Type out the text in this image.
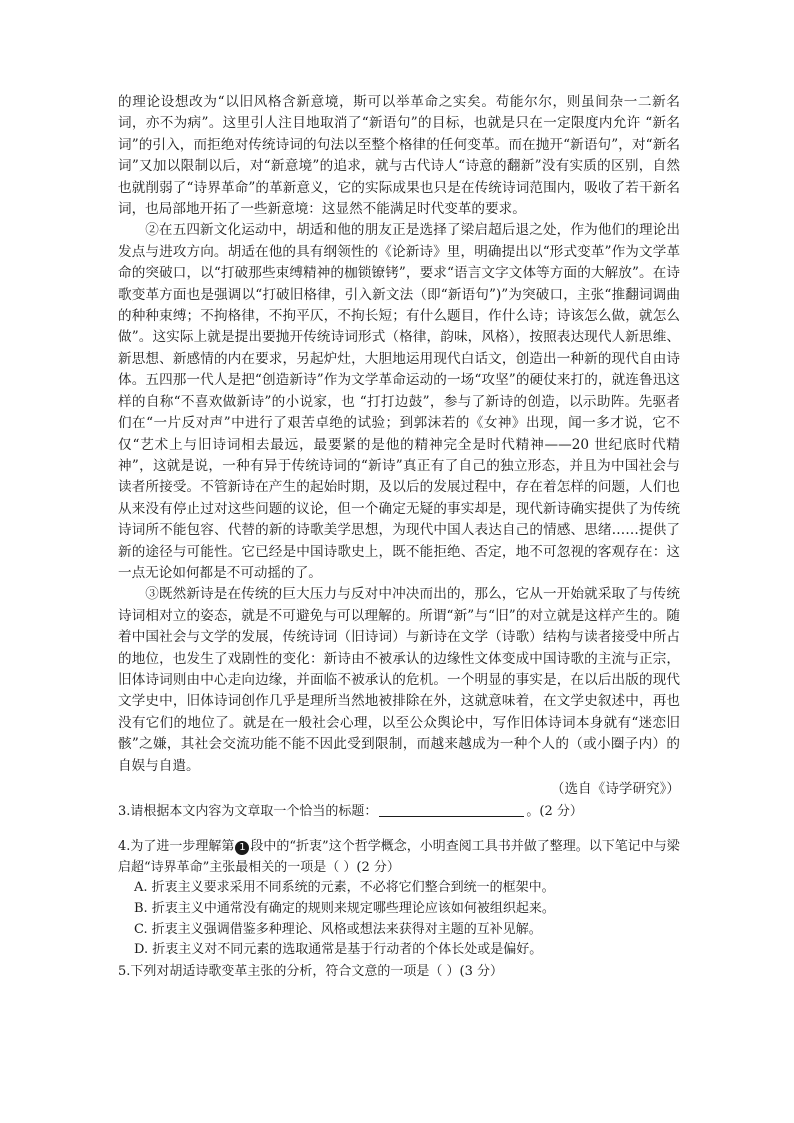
的理论设想改为“以旧风格含新意境，斯可以举革命之实矣。苟能尔尔，则虽间杂一二新名词，亦不为病”。这里引人注目地取消了“新语句”的目标，也就是只在一定限度内允许 “新名词”的引入，而拒绝对传统诗词的句法以至整个格律的任何变革。而在抛开“新语句”，对“新名词”又加以限制以后，对“新意境”的追求，就与古代诗人“诗意的翻新”没有实质的区别，自然也就削弱了“诗界革命”的革新意义，它的实际成果也只是在传统诗词范围内，吸收了若干新名词，也局部地开拓了一些新意境：这显然不能满足时代变革的要求。

②在五四新文化运动中，胡适和他的朋友正是选择了梁启超后退之处，作为他们的理论出发点与进攻方向。胡适在他的具有纲领性的《论新诗》里，明确提出以“形式变革”作为文学革命的突破口，以“打破那些束缚精神的枷锁镣铐”，要求“语言文字文体等方面的大解放”。在诗歌变革方面也是强调以“打破旧格律，引入新文法（即“新语句”)”为突破口，主张“推翻词调曲的种种束缚；不拘格律，不拘平仄，不拘长短；有什么题目，作什么诗；诗该怎么做，就怎么做”。这实际上就是提出要抛开传统诗词形式（格律，韵味，风格），按照表达现代人新思维、新思想、新感情的内在要求，另起炉灶，大胆地运用现代白话文，创造出一种新的现代自由诗体。五四那一代人是把“创造新诗”作为文学革命运动的一场“攻坚”的硬仗来打的，就连鲁迅这样的自称“不喜欢做新诗”的小说家，也 “打打边鼓”，参与了新诗的创造，以示助阵。先驱者们在“一片反对声”中进行了艰苦卓绝的试验；到郭沫若的《女神》出现，闻一多才说，它不仅“艺术上与旧诗词相去最远，最要紧的是他的精神完全是时代精神——20 世纪底时代精神”，这就是说，一种有异于传统诗词的“新诗”真正有了自己的独立形态，并且为中国社会与读者所接受。不管新诗在产生的起始时期，及以后的发展过程中，存在着怎样的问题，人们也从来没有停止过对这些问题的议论，但一个确定无疑的事实却是，现代新诗确实提供了为传统诗词所不能包容、代替的新的诗歌美学思想，为现代中国人表达自己的情感、思绪……提供了新的途径与可能性。它已经是中国诗歌史上，既不能拒绝、否定，地不可忽视的客观存在：这一点无论如何都是不可动摇的了。

③既然新诗是在传统的巨大压力与反对中冲决而出的，那么，它从一开始就采取了与传统诗词相对立的姿态，就是不可避免与可以理解的。所谓“新”与“旧”的对立就是这样产生的。随着中国社会与文学的发展，传统诗词（旧诗词）与新诗在文学（诗歌）结构与读者接受中所占的地位，也发生了戏剧性的变化：新诗由不被承认的边缘性文体变成中国诗歌的主流与正宗，旧体诗词则由中心走向边缘，并面临不被承认的危机。一个明显的事实是，在以后出版的现代文学史中，旧体诗词创作几乎是理所当然地被排除在外，这就意味着，在文学史叙述中，再也没有它们的地位了。就是在一般社会心理，以至公众舆论中，写作旧体诗词本身就有“迷恋旧骸”之嫌，其社会交流功能不能不因此受到限制，而越来越成为一种个人的（或小圈子内）的自娱与自遣。

（选自《诗学研究》）

3.请根据本文内容为文章取一个恰当的标题：	。(2 分）

4.为了进一步理解第 1 段中的“折衷”这个哲学概念，小明查阅工具书并做了整理。以下笔记中与梁启超“诗界革命”主张最相关的一项是（ ）(2 分）

A. 折衷主义要求采用不同系统的元素，不必将它们整合到统一的框架中。
B. 折衷主义中通常没有确定的规则来规定哪些理论应该如何被组织起来。
C. 折衷主义强调借鉴多种理论、风格或想法来获得对主题的互补见解。
D. 折衷主义对不同元素的选取通常是基于行动者的个体长处或是偏好。

5.下列对胡适诗歌变革主张的分析，符合文意的一项是（ ）(3 分）
